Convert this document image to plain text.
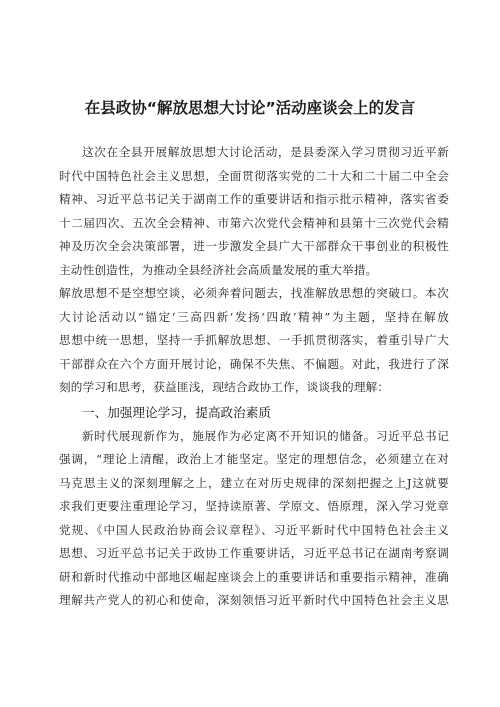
在县政协“解放思想大讨论”活动座谈会上的发言
这次在全县开展解放思想大讨论活动，是县委深入学习贯彻习近平新
时代中国特色社会主义思想，全面贯彻落实党的二十大和二十届二中全会
精神、习近平总书记关于湖南工作的重要讲话和指示批示精神，落实省委
十二届四次、五次全会精神、市第六次党代会精神和县第十三次党代会精
神及历次全会决策部署，进一步激发全县广大干部群众干事创业的积极性
主动性创造性，为推动全县经济社会高质量发展的重大举措。
解放思想不是空想空谈，必须奔着问题去，找准解放思想的突破口。本次
大讨论活动以“锚定‘三高四新’发扬‘四敢’精神”为主题，坚持在解放
思想中统一思想，坚持一手抓解放思想、一手抓贯彻落实，着重引导广大
干部群众在六个方面开展讨论，确保不失焦、不偏题。对此，我进行了深
刻的学习和思考，获益匪浅，现结合政协工作，谈谈我的理解：
一、加强理论学习，提高政治素质
新时代展现新作为，施展作为必定离不开知识的储备。习近平总书记
强调，“理论上清醒，政治上才能坚定。坚定的理想信念，必须建立在对
马克思主义的深刻理解之上，建立在对历史规律的深刻把握之上J这就要
求我们更要注重理论学习，坚持读原著、学原文、悟原理，深入学习党章
党规、《中国人民政治协商会议章程》、习近平新时代中国特色社会主义
思想、习近平总书记关于政协工作重要讲话，习近平总书记在湖南考察调
研和新时代推动中部地区崛起座谈会上的重要讲话和重要指示精神，准确
理解共产党人的初心和使命，深刻领悟习近平新时代中国特色社会主义思
